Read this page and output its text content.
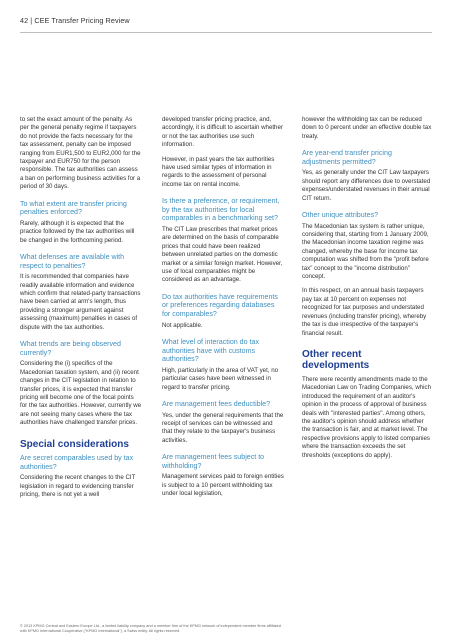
42 | CEE Transfer Pricing Review

to set the exact amount of the penalty. As per the general penalty regime if taxpayers do not provide the facts necessary for the tax assessment, penalty can be imposed ranging from EUR1,500 to EUR2,000 for the taxpayer and EUR750 for the person responsible. The tax authorities can assess a ban on performing business activities for a period of 30 days.

To what extent are transfer pricing penalties enforced?

Rarely, although it is expected that the practice followed by the tax authorities will be changed in the forthcoming period.

What defenses are available with respect to penalties?

It is recommended that companies have readily available information and evidence which confirm that related-party transactions have been carried at arm's length, thus providing a stronger argument against assessing (maximum) penalties in cases of dispute with the tax authorities.

What trends are being observed currently?

Considering the (i) specifics of the Macedonian taxation system, and (ii) recent changes in the CIT legislation in relation to transfer prices, it is expected that transfer pricing will become one of the focal points for the tax authorities. However, currently we are not seeing many cases where the tax authorities have challenged transfer prices.

Special considerations
Are secret comparables used by tax authorities?

Considering the recent changes to the CIT legislation in regard to evidencing transfer pricing, there is not yet a well

developed transfer pricing practice, and, accordingly, it is difficult to ascertain whether or not the tax authorities use such information.

However, in past years the tax authorities have used similar types of information in regards to the assessment of personal income tax on rental income.

Is there a preference, or requirement, by the tax authorities for local comparables in a benchmarking set?

The CIT Law prescribes that market prices are determined on the basis of comparable prices that could have been realized between unrelated parties on the domestic market or a similar foreign market. However, use of local comparables might be considered as an advantage.

Do tax authorities have requirements or preferences regarding databases for comparables?

Not applicable.

What level of interaction do tax authorities have with customs authorities?

High, particularly in the area of VAT yet, no particular cases have been witnessed in regard to transfer pricing.

Are management fees deductible?

Yes, under the general requirements that the receipt of services can be witnessed and that they relate to the taxpayer's business activities.

Are management fees subject to withholding?

Management services paid to foreign entities is subject to a 10 percent withholding tax under local legislation,

however the withholding tax can be reduced down to 0 percent under an effective double tax treaty.

Are year-end transfer pricing adjustments permitted?

Yes, as generally under the CIT Law taxpayers should report any differences due to overstated expenses/understated revenues in their annual CIT return.

Other unique attributes?

The Macedonian tax system is rather unique, considering that, starting from 1 January 2009, the Macedonian income taxation regime was changed, whereby the base for income tax computation was shifted from the "profit before tax" concept to the "income distribution" concept.

In this respect, on an annual basis taxpayers pay tax at 10 percent on expenses not recognized for tax purposes and understated revenues (including transfer pricing), whereby the tax is due irrespective of the taxpayer's financial result.

Other recent developments

There were recently amendments made to the Macedonian Law on Trading Companies, which introduced the requirement of an auditor's opinion in the process of approval of business deals with "interested parties". Among others, the auditor's opinion should address whether the transaction is fair, and at market level. The respective provisions apply to listed companies where the transaction exceeds the set thresholds (exceptions do apply).

© 2013 KPMG Central and Eastern Europe Ltd., a limited liability company and a member firm of the KPMG network of independent member firms affiliated
with KPMG International Cooperative ("KPMG International"), a Swiss entity. All rights reserved.
